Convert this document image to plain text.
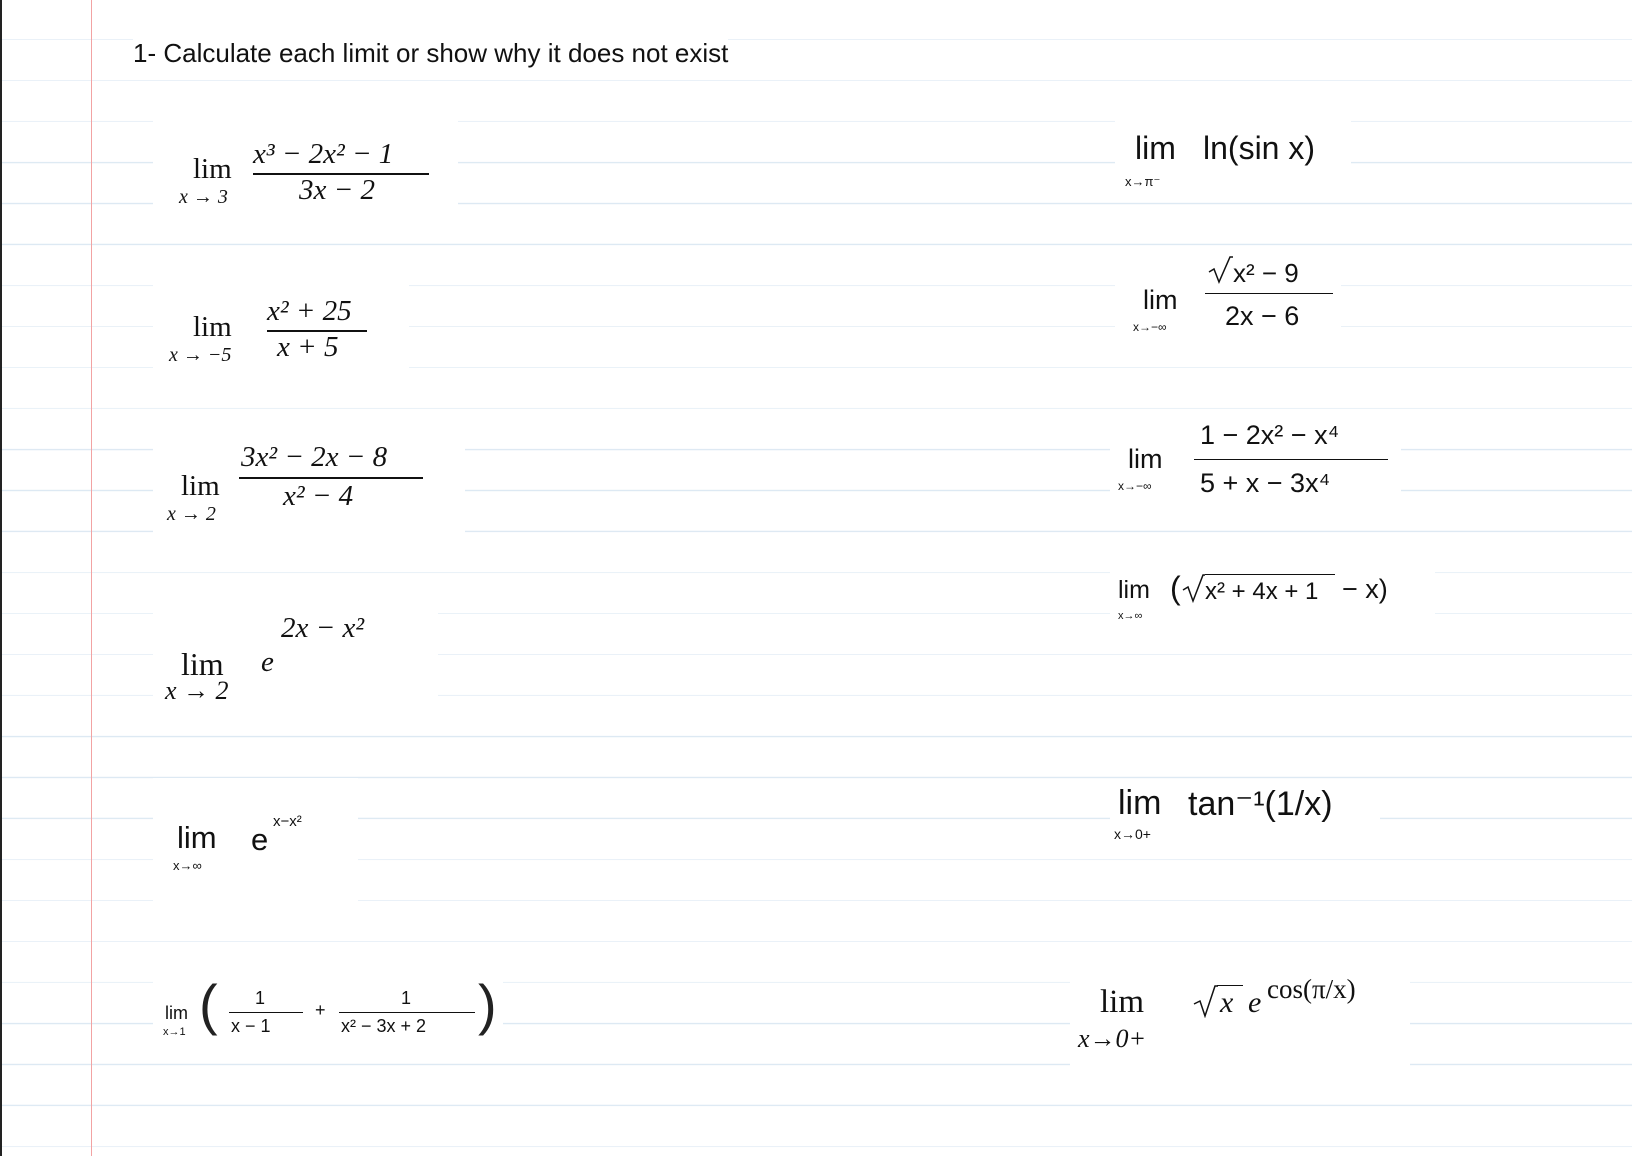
1- Calculate each limit or show why it does not exist
lim
x → 3
x³ − 2x² − 1
3x − 2
lim
x → −5
x² + 25
x + 5
lim
x → 2
3x² − 2x − 8
x² − 4
lim
x → 2
e
2x − x²
lim
x→∞
e
x−x²
lim
x→1 ( 1
x − 1
+
1
x² − 3x + 2 )
lim
x→π⁻
ln(sin x)
lim
x→−∞
x² − 9
2x − 6
lim
x→−∞
1 − 2x² − x⁴
5 + x − 3x⁴
lim
x→∞
( x² + 4x + 1 − x)
lim
x→0+
tan⁻¹(1/x)
lim
x→0+
x e cos(π/x)
